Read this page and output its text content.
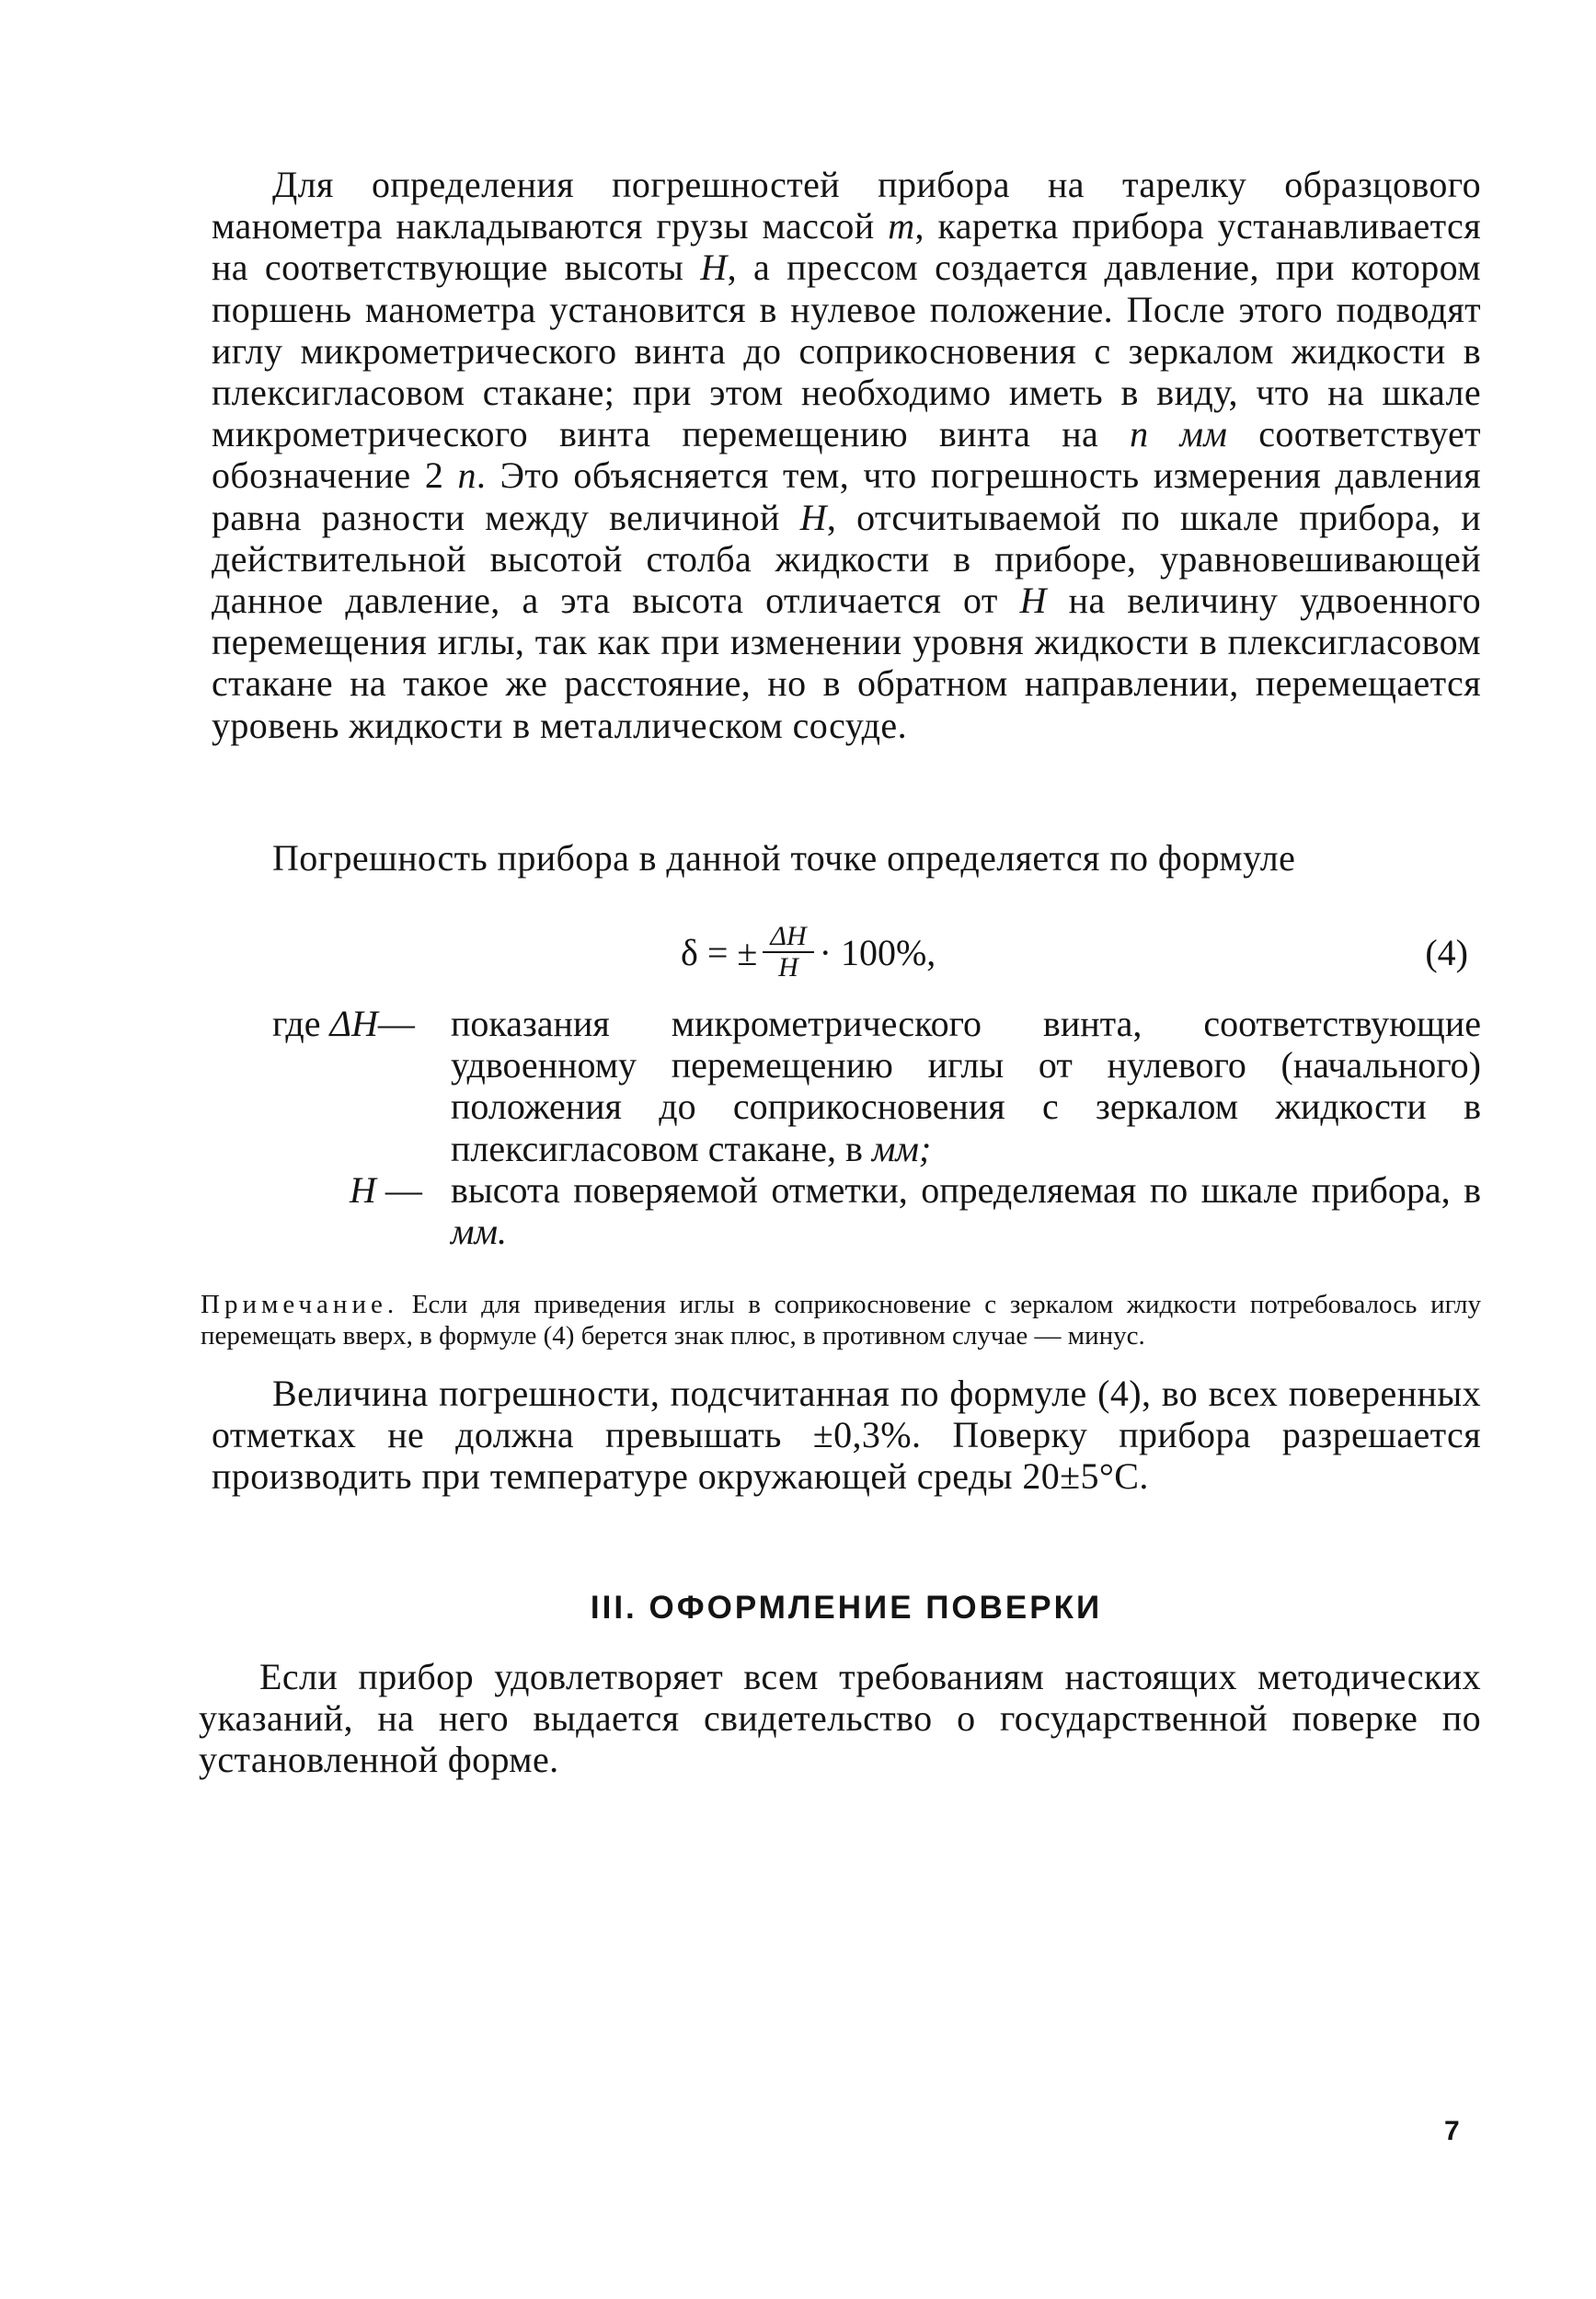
Для определения погрешностей прибора на тарелку образцового манометра накладываются грузы массой m, каретка прибора устанавливается на соответствующие высоты H, а прессом создается давление, при котором поршень манометра установится в нулевое положение. После этого подводят иглу микрометрического винта до соприкосновения с зеркалом жидкости в плексигласовом стакане; при этом необходимо иметь в виду, что на шкале микрометрического винта перемещению винта на n мм соответствует обозначение 2 n. Это объясняется тем, что погрешность измерения давления равна разности между величиной H, отсчитываемой по шкале прибора, и действительной высотой столба жидкости в приборе, уравновешивающей данное давление, а эта высота отличается от H на величину удвоенного перемещения иглы, так как при изменении уровня жидкости в плексигласовом стакане на такое же расстояние, но в обратном направлении, перемещается уровень жидкости в металлическом сосуде.

Погрешность прибора в данной точке определяется по формуле

δ = ± $\frac{\Delta H}{H} \cdot 100\%$,	(4)
где ΔH— показания микрометрического винта, соответствующие удвоенному перемещению иглы от нулевого (начального) положения до соприкосновения с зеркалом жидкости в плексигласовом стакане, в мм;
H — высота поверяемой отметки, определяемая по шкале прибора, в мм.

Примечание. Если для приведения иглы в соприкосновение с зеркалом жидкости потребовалось иглу перемещать вверх, в формуле (4) берется знак плюс, в противном случае — минус.

Величина погрешности, подсчитанная по формуле (4), во всех поверенных отметках не должна превышать ±0,3%. Поверку прибора разрешается производить при температуре окружающей среды 20±5°C.

III. ОФОРМЛЕНИЕ ПОВЕРКИ

Если прибор удовлетворяет всем требованиям настоящих методических указаний, на него выдается свидетельство о государственной поверке по установленной форме.

7
